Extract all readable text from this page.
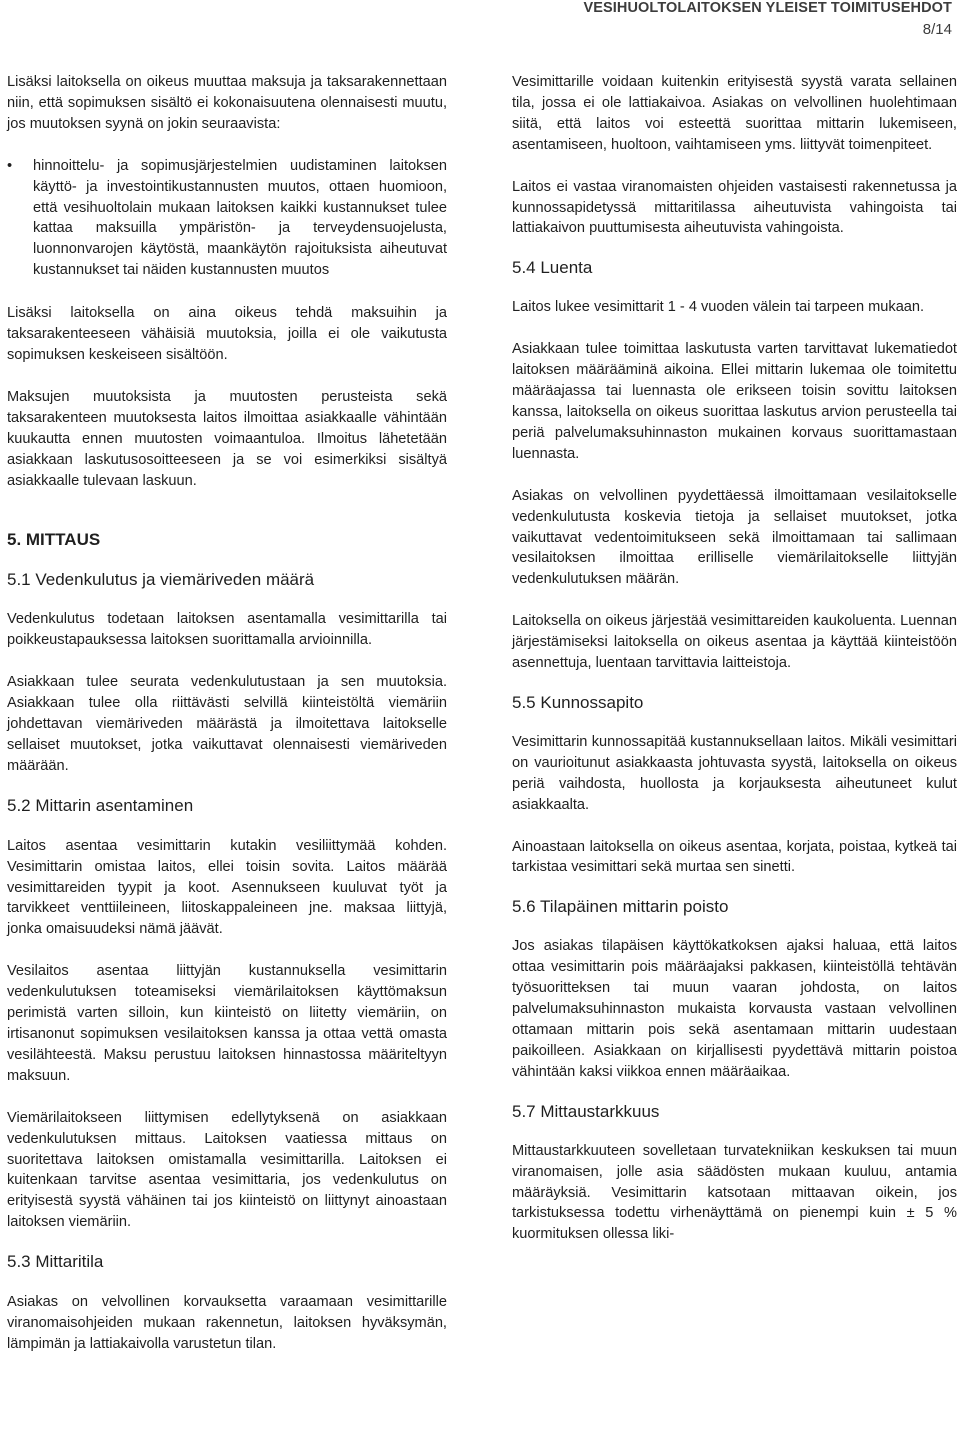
VESIHUOLTOLAITOKSEN YLEISET TOIMITUSEHDOT
8/14

Lisäksi laitoksella on oikeus muuttaa maksuja ja taksarakennettaan niin, että sopimuksen sisältö ei kokonaisuutena olennaisesti muutu, jos muutoksen syynä on jokin seuraavista:

• hinnoittelu- ja sopimusjärjestelmien uudistaminen laitoksen käyttö- ja investointikustannusten muutos, ottaen huomioon, että vesihuoltolain mukaan laitoksen kaikki kustannukset tulee kattaa maksuilla ympäristön- ja terveydensuojelusta, luonnonvarojen käytöstä, maankäytön rajoituksista aiheutuvat kustannukset tai näiden kustannusten muutos

Lisäksi laitoksella on aina oikeus tehdä maksuihin ja taksarakenteeseen vähäisiä muutoksia, joilla ei ole vaikutusta sopimuksen keskeiseen sisältöön.

Maksujen muutoksista ja muutosten perusteista sekä taksarakenteen muutoksesta laitos ilmoittaa asiakkaalle vähintään kuukautta ennen muutosten voimaantuloa. Ilmoitus lähetetään asiakkaan laskutusosoitteeseen ja se voi esimerkiksi sisältyä asiakkaalle tulevaan laskuun.

5. MITTAUS
5.1 Vedenkulutus ja viemäriveden määrä

Vedenkulutus todetaan laitoksen asentamalla vesimittarilla tai poikkeustapauksessa laitoksen suorittamalla arvioinnilla.

Asiakkaan tulee seurata vedenkulutustaan ja sen muutoksia. Asiakkaan tulee olla riittävästi selvillä kiinteistöltä viemäriin johdettavan viemäriveden määrästä ja ilmoitettava laitokselle sellaiset muutokset, jotka vaikuttavat olennaisesti viemäriveden määrään.

5.2 Mittarin asentaminen

Laitos asentaa vesimittarin kutakin vesiliittymää kohden. Vesimittarin omistaa laitos, ellei toisin sovita. Laitos määrää vesimittareiden tyypit ja koot. Asennukseen kuuluvat työt ja tarvikkeet venttiileineen, liitoskappaleineen jne. maksaa liittyjä, jonka omaisuudeksi nämä jäävät.

Vesilaitos asentaa liittyjän kustannuksella vesimittarin vedenkulutuksen toteamiseksi viemärilaitoksen käyttömaksun perimistä varten silloin, kun kiinteistö on liitetty viemäriin, on irtisanonut sopimuksen vesilaitoksen kanssa ja ottaa vettä omasta vesilähteestä. Maksu perustuu laitoksen hinnastossa määriteltyyn maksuun.

Viemärilaitokseen liittymisen edellytyksenä on asiakkaan vedenkulutuksen mittaus. Laitoksen vaatiessa mittaus on suoritettava laitoksen omistamalla vesimittarilla. Laitoksen ei kuitenkaan tarvitse asentaa vesimittaria, jos vedenkulutus on erityisestä syystä vähäinen tai jos kiinteistö on liittynyt ainoastaan laitoksen viemäriin.

5.3 Mittaritila

Asiakas on velvollinen korvauksetta varaamaan vesimittarille viranomaisohjeiden mukaan rakennetun, laitoksen hyväksymän, lämpimän ja lattiakaivolla varustetun tilan.

Vesimittarille voidaan kuitenkin erityisestä syystä varata sellainen tila, jossa ei ole lattiakaivoa. Asiakas on velvollinen huolehtimaan siitä, että laitos voi esteettä suorittaa mittarin lukemiseen, asentamiseen, huoltoon, vaihtamiseen yms. liittyvät toimenpiteet.

Laitos ei vastaa viranomaisten ohjeiden vastaisesti rakennetussa ja kunnossapidetyssä mittaritilassa aiheutuvista vahingoista tai lattiakaivon puuttumisesta aiheutuvista vahingoista.

5.4 Luenta

Laitos lukee vesimittarit 1 - 4 vuoden välein tai tarpeen mukaan.

Asiakkaan tulee toimittaa laskutusta varten tarvittavat lukematiedot laitoksen määrääminä aikoina. Ellei mittarin lukemaa ole toimitettu määräajassa tai luennasta ole erikseen toisin sovittu laitoksen kanssa, laitoksella on oikeus suorittaa laskutus arvion perusteella tai periä palvelumaksuhinnaston mukainen korvaus suorittamastaan luennasta.

Asiakas on velvollinen pyydettäessä ilmoittamaan vesilaitokselle vedenkulutusta koskevia tietoja ja sellaiset muutokset, jotka vaikuttavat vedentoimitukseen sekä ilmoittamaan tai sallimaan vesilaitoksen ilmoittaa erillisellе viemärilaitokselle liittyjän vedenkulutuksen määrän.

Laitoksella on oikeus järjestää vesimittareiden kaukoluenta. Luennan järjestämiseksi laitoksella on oikeus asentaa ja käyttää kiinteistöön asennettuja, luentaan tarvittavia laitteistoja.

5.5 Kunnossapito

Vesimittarin kunnossapitää kustannuksellaan laitos. Mikäli vesimittari on vaurioitunut asiakkaasta johtuvasta syystä, laitoksella on oikeus periä vaihdosta, huollosta ja korjauksesta aiheutuneet kulut asiakkaalta.

Ainoastaan laitoksella on oikeus asentaa, korjata, poistaa, kytkeä tai tarkistaa vesimittari sekä murtaa sen sinetti.

5.6 Tilapäinen mittarin poisto

Jos asiakas tilapäisen käyttökatkoksen ajaksi haluaa, että laitos ottaa vesimittarin pois määräajaksi pakkasen, kiinteistöllä tehtävän työsuoritteksen tai muun vaaran johdosta, on laitos palvelumaksuhinnaston mukaista korvausta vastaan velvollinen ottamaan mittarin pois sekä asentamaan mittarin uudestaan paikoilleen. Asiakkaan on kirjallisesti pyydettävä mittarin poistoa vähintään kaksi viikkoa ennen määräaikaa.

5.7 Mittaustarkkuus

Mittaustarkkuuteen sovelletaan turvatekniikan keskuksen tai muun viranomaisen, jolle asia säädösten mukaan kuuluu, antamia määräyksiä. Vesimittarin katsotaan mittaavan oikein, jos tarkistuksessa todettu virhenäyttämä on pienempi kuin ± 5 % kuormituksen ollessa liki-
